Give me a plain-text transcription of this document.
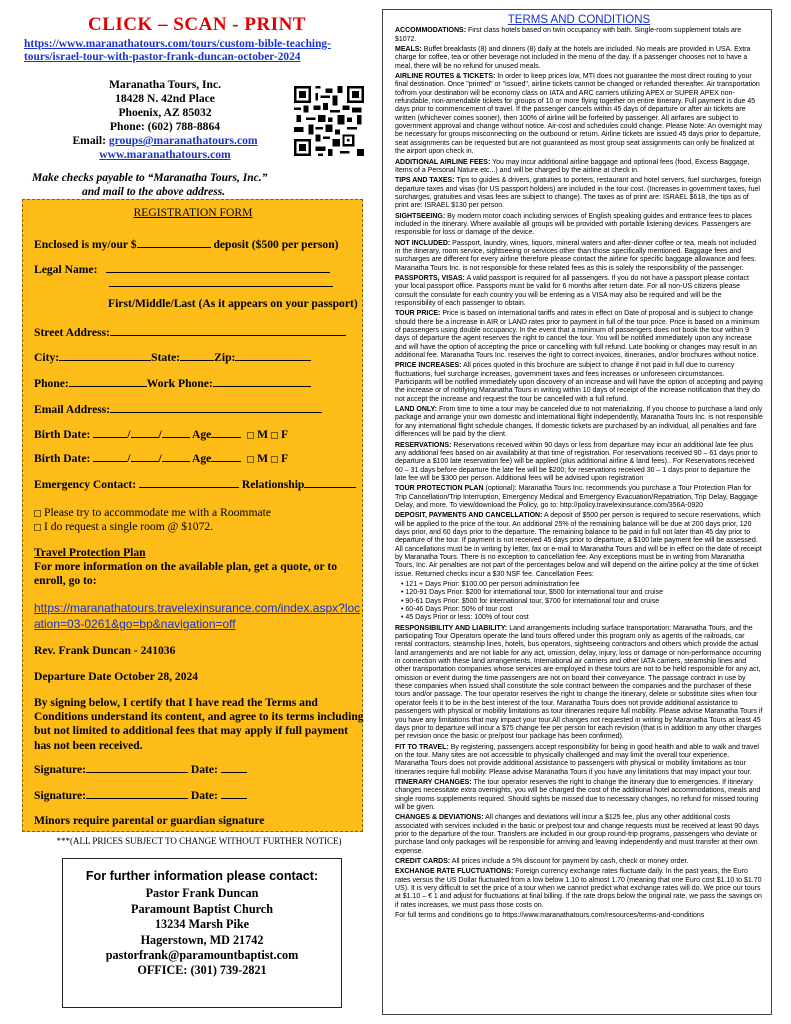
CLICK – SCAN - PRINT
https://www.maranathatours.com/tours/custom-bible-teaching-tours/israel-tour-with-pastor-frank-duncan-october-2024
Maranatha Tours, Inc.
18428 N. 42nd Place
Phoenix, AZ 85032
Phone: (602) 788-8864
Email: groups@maranathatours.com
www.maranathatours.com
Make checks payable to “Maranatha Tours, Inc.”
and mail to the above address.
REGISTRATION FORM
Enclosed is my/our $	deposit ($500 per person)
Legal Name:
First/Middle/Last (As it appears on your passport)
Street Address:
City:	State:	Zip:
Phone:	Work Phone:
Email Address:
Birth Date:	/ /	Age	M F
Birth Date:	/ /	Age	M F
Emergency Contact:	Relationship
Please try to accommodate me with a Roommate
I do request a single room @ $1072.
Travel Protection Plan
For more information on the available plan, get a quote, or to enroll, go to:
https://maranathatours.travelexinsurance.com/index.aspx?location=03-0261&go=bp&navigation=off
Rev. Frank Duncan - 241036
Departure Date October 28, 2024
By signing below, I certify that I have read the Terms and Conditions understand its content, and agree to its terms including but not limited to additional fees that may apply if full payment has not been received.
Signature:	Date:
Signature:	Date:
Minors require parental or guardian signature
***(ALL PRICES SUBJECT TO CHANGE WITHOUT FURTHER NOTICE)
For further information please contact:
Pastor Frank Duncan
Paramount Baptist Church
13234 Marsh Pike
Hagerstown, MD 21742
pastorfrank@paramountbaptist.com
OFFICE: (301) 739-2821
TERMS AND CONDITIONS

ACCOMMODATIONS: First class hotels based on twin occupancy with bath. Single-room supplement totals are $1072.

MEALS: Buffet breakfasts (8) and dinners (8) daily at the hotels are included. No meals are provided in USA. Extra charge for coffee, tea or other beverage not included in the menu of the day. If a passenger chooses not to have a meal, there will be no refund for unused meals.

AIRLINE ROUTES & TICKETS: In order to keep prices low, MTI does not guarantee the most direct routing to your final destination. Once "printed" or "issued", airline tickets cannot be changed or refunded thereafter. Air transportation to/from your destination will be economy class on IATA and ARC carriers utilizing APEX or SUPER APEX non-refundable, non-amendable tickets for groups of 10 or more flying together on entire itinerary. Full payment is due 45 days prior to commencement of travel. If the passenger cancels within 45 days of departure or after air tickets are written (whichever comes sooner), then 100% of airline will be forfeited by passenger. All airfares are subject to government approval and change without notice. Air-cost and schedules could change. Please Note: An overnight may be necessary for groups misconnecting on the outbound or return. Airline tickets are issued 45 days prior to departure, seat assignments can be requested but are not guaranteed as most group seat assignments can only be finalized at the airport upon check in.

ADDITIONAL AIRLINE FEES: You may incur additional airline baggage and optional fees (food, Excess Baggage, Items of a Personal Nature etc...) and will be charged by the airline at check in.

TIPS AND TAXES: Tips to guides & drivers, gratuities to porters, restaurant and hotel servers, fuel surcharges, foreign departure taxes and visas (for US passport holders) are included in the tour cost. (Increases in government taxes, fuel surcharges, gratuities and visas fees are subject to change). The taxes as of print are: ISRAEL $618, the tips as of print are: ISRAEL $130 per person.

SIGHTSEEING: By modern motor coach including services of English speaking guides and entrance fees to places included in the itinerary. Where available all groups will be provided with portable listening devices. Passengers are responsible for loss or damage of the device.

NOT INCLUDED: Passport, laundry, wines, liquors, mineral waters and after-dinner coffee or tea, meals not included in the itinerary, room service, sightseeing or services other than those specifically mentioned. Baggage fees and surcharges are different for every airline therefore please contact the airline for specific baggage allowance and fees. Maranatha Tours Inc. is not responsible for these related fees as this is solely the responsibility of the passenger.

PASSPORTS, VISAS: A valid passport is required for all passengers. If you do not have a passport please contact your local passport office. Passports must be valid for 6 months after return date. For all non-US citizens please consult the consulate for each country you will be entering as a VISA may also be required and will be the responsibility of each passenger to obtain.

TOUR PRICE: Price is based on international tariffs and rates in effect on Date of proposal and is subject to change should there be a increase in AIR or LAND rates prior to payment in full of the tour price. Price is based on a minimum of passengers using double occupancy. In the event that a minimum of passengers does not book the tour within 9 days of departure the agent reserves the right to cancel the tour. You will be notified immediately upon any increase and will have the option of accepting the price or cancelling with full refund. Late booking or changes may result in an additional fee. Maranatha Tours Inc. reserves the right to correct invoices, itineraries, and/or brochures without notice.

PRICE INCREASES: All prices quoted in this brochure are subject to change if not paid in full due to currency fluctuations, fuel surcharge increases, government taxes and fees increases or unforeseen circumstances. Participants will be notified immediately upon discovery of an increase and will have the option of accepting and paying the increase or of notifying Maranatha Tours in writing within 10 days of receipt of the increase notification that they do not accept the increase and request the tour be cancelled with a full refund.

LAND ONLY: From time to time a tour may be canceled due to not materializing. If you choose to purchase a land only package and arrange your own domestic and international flight independently, Maranatha Tours Inc. is not responsible for any international flight schedule changes. If domestic tickets are purchased by an individual, all penalties and fare differences will be paid by the client.

RESERVATIONS: Reservations received within 90 days or less from departure may incur an additional late fee plus any additional fees based on air availability at that time of registration. For reservations received 90 – 61 days prior to departure a $100 late reservation fee) will be applied (plus additional airline & land fees).. For Reservations received 60 – 31 days before departure the late fee will be $200; for reservations received 30 – 1 days prior to departure the late fee will be $300 per person. Additional fees will be advised upon registration

TOUR PROTECTION PLAN (optional): Maranatha Tours Inc. recommends you purchase a Tour Protection Plan for Trip Cancellation/Trip Interruption, Emergency Medical and Emergency Evacuation/Repatriation, Trip Delay, Baggage Delay, and more. To view/download the Policy, go to: http://policy.travelexinsurance.com/356A-0920

DEPOSIT, PAYMENTS AND CANCELLATION: A deposit of $500 per person is required to secure reservations, which will be applied to the price of the tour. An additional 25% of the remaining balance will be due at 200 days prior, 120 days prior, and 60 days prior to the departure. The remaining balance to be paid in full not later than 45 day prior to departure of the tour. If payment is not received 45 days prior to departure, a $100 late payment fee will be assessed. All cancellations must be in writing by letter, fax or e-mail to Maranatha Tours and will be in effect on the date of receipt by Maranatha Tours. There is no exception to cancellation fee. Any exceptions must be in writing from Maranatha Tours, Inc. Air penalties are not part of the percentages below and will depend on the airline policy at the time of ticket issue. Returned checks incur a $30 NSF fee. Cancellation Fees:

• 121 + Days Prior: $100.00 per person administration fee
• 120-91 Days Prior: $200 for international tour, $500 for international tour and cruise
• 90-61 Days Prior: $500 for international tour, $700 for international tour and cruise
• 60-46 Days Prior: 50% of tour cost
• 45 Days Prior or less: 100% of tour cost

RESPONSIBILITY AND LIABILITY: Land arrangements including surface transportation: Maranatha Tours, and the participating Tour Operators operate the land tours offered under this program only as agents of the railroads, car rental contractors, steamship lines, hotels, bus operators, sightseeing contractors and others which provide the actual land arrangements and are not liable for any act, omission, delay, injury, loss or damage or non-performance occurring in connection with these land arrangements. International air carriers and other IATA carriers, steamship lines and other transportation companies whose services are employed in these tours are not to be held responsible for any act, omission or event during the time passengers are not on board their conveyance. The passage contract in use by these companies when issued shall constitute the sole contract between the companies and the purchaser of these tours and/or passage. The tour operator reserves the right to change the itinerary, delete or substitute sites when tour operator feels it to be in the best interest of the tour. Maranatha Tours does not provide additional assistance to passengers with physical or mobility limitations as tour itineraries require full mobility. Please advise Maranatha Tours if you have any limitations that may impact your tour.All changes not requested in writing by Maranatha Tours at least 45 days prior to departure will incur a $75 change fee per person for each revision (that is in addition to any other charges per revision once the basic or pre/post tour package has been confirmed).

FIT TO TRAVEL: By registering, passengers accept responsibility for being in good health and able to walk and travel on the tour. Many sites are not accessible to physically challenged and may limit the overall tour experience. Maranatha Tours does not provide additional assistance to passengers with physical or mobility limitations as tour itineraries require full mobility. Please advise Maranatha Tours if you have any limitations that may impact your tour.

ITINERARY CHANGES: The tour operator reserves the right to change the itinerary due to emergencies. If itinerary changes necessitate extra overnights, you will be charged the cost of the additional hotel accommodations, meals and single rooms supplements required. Should sights be missed due to necessary changes, no refund for missed touring will be given.

CHANGES & DEVIATIONS: All changes and deviations will incur a $125 fee, plus any other additional costs associated with services included in the basic or pre/post tour and change requests must be received at least 90 days prior to the departure of the tour. Transfers are included in our group round-trip programs, passengers who deviate or purchase land only packages will be responsible for arriving and leaving independently and must transfer at their own expense.

CREDIT CARDS: All prices include a 5% discount for payment by cash, check or money order.

EXCHANGE RATE FLUCTUATIONS: Foreign currency exchange rates fluctuate daily. In the past years, the Euro rates versus the US Dollar fluctuated from a low below 1.10 to almost 1.70 (meaning that one Euro cost $1.10 to $1.70 US). It is very difficult to set the price of a tour when we cannot predict what exchange rates will do. We price our tours at $1.10 – € 1 and adjust for fluctuations at final billing. If the rate drops below the original rate, we pass the savings on if rates increases, we must pass those costs on.

For full terms and conditions go to https://www.maranathatours.com/resources/terms-and-conditions
